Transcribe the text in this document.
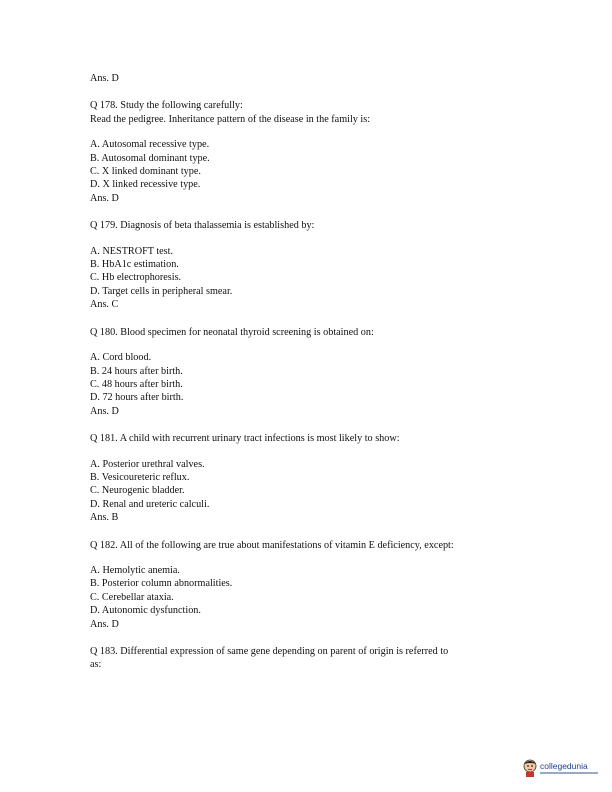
Ans. D
Q 178. Study the following carefully:
Read the pedigree. Inheritance pattern of the disease in the family is:
A. Autosomal recessive type.
B. Autosomal dominant type.
C. X linked dominant type.
D. X linked recessive type.
Ans. D
Q 179. Diagnosis of beta thalassemia is established by:
A. NESTROFT test.
B. HbA1c estimation.
C. Hb electrophoresis.
D. Target cells in peripheral smear.
Ans. C
Q 180. Blood specimen for neonatal thyroid screening is obtained on:
A. Cord blood.
B. 24 hours after birth.
C. 48 hours after birth.
D. 72 hours after birth.
Ans. D
Q 181. A child with recurrent urinary tract infections is most likely to show:
A. Posterior urethral valves.
B. Vesicoureteric reflux.
C. Neurogenic bladder.
D. Renal and ureteric calculi.
Ans. B
Q 182. All of the following are true about manifestations of vitamin E deficiency, except:
A. Hemolytic anemia.
B. Posterior column abnormalities.
C. Cerebellar ataxia.
D. Autonomic dysfunction.
Ans. D
Q 183. Differential expression of same gene depending on parent of origin is referred to
as:
collegedunia
